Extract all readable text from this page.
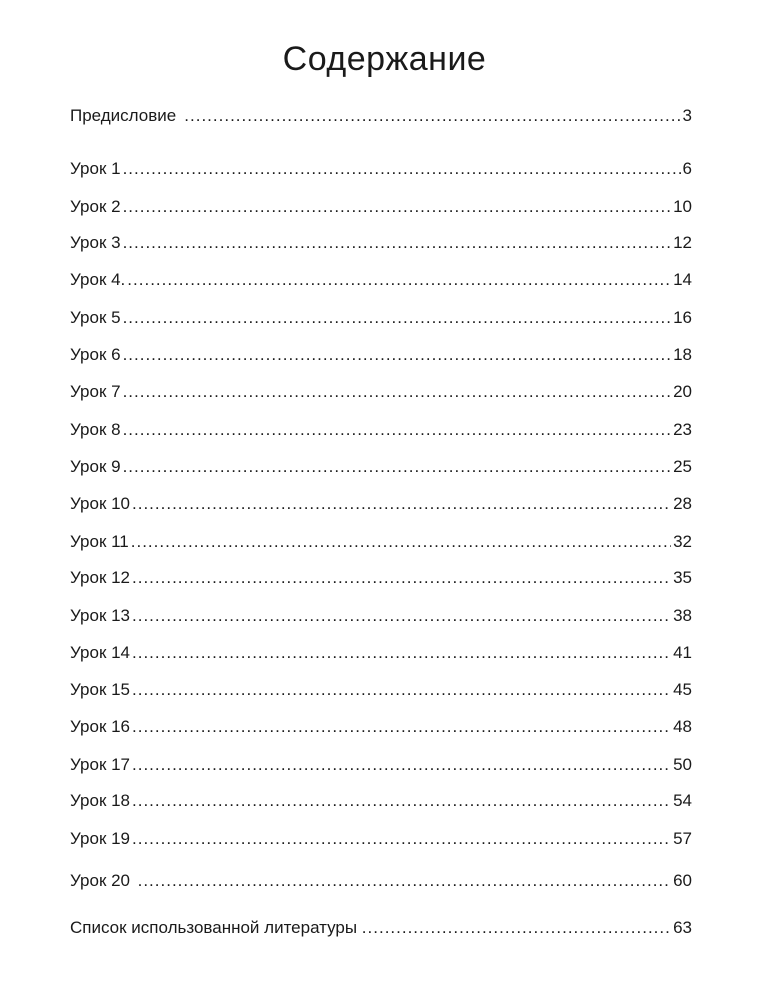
Содержание
Предисловие .....	3
Урок 1 .....	6
Урок 2 .....	10
Урок 3 .....	12
Урок 4. .....	14
Урок 5 .....	16
Урок 6 .....	18
Урок 7 .....	20
Урок 8 .....	23
Урок 9 .....	25
Урок 10 .....	28
Урок 11 .....	32
Урок 12 .....	35
Урок 13 .....	38
Урок 14 .....	41
Урок 15 .....	45
Урок 16 .....	48
Урок 17 .....	50
Урок 18 .....	54
Урок 19 .....	57
Урок 20 .....	60
Список использованной литературы .....	63
